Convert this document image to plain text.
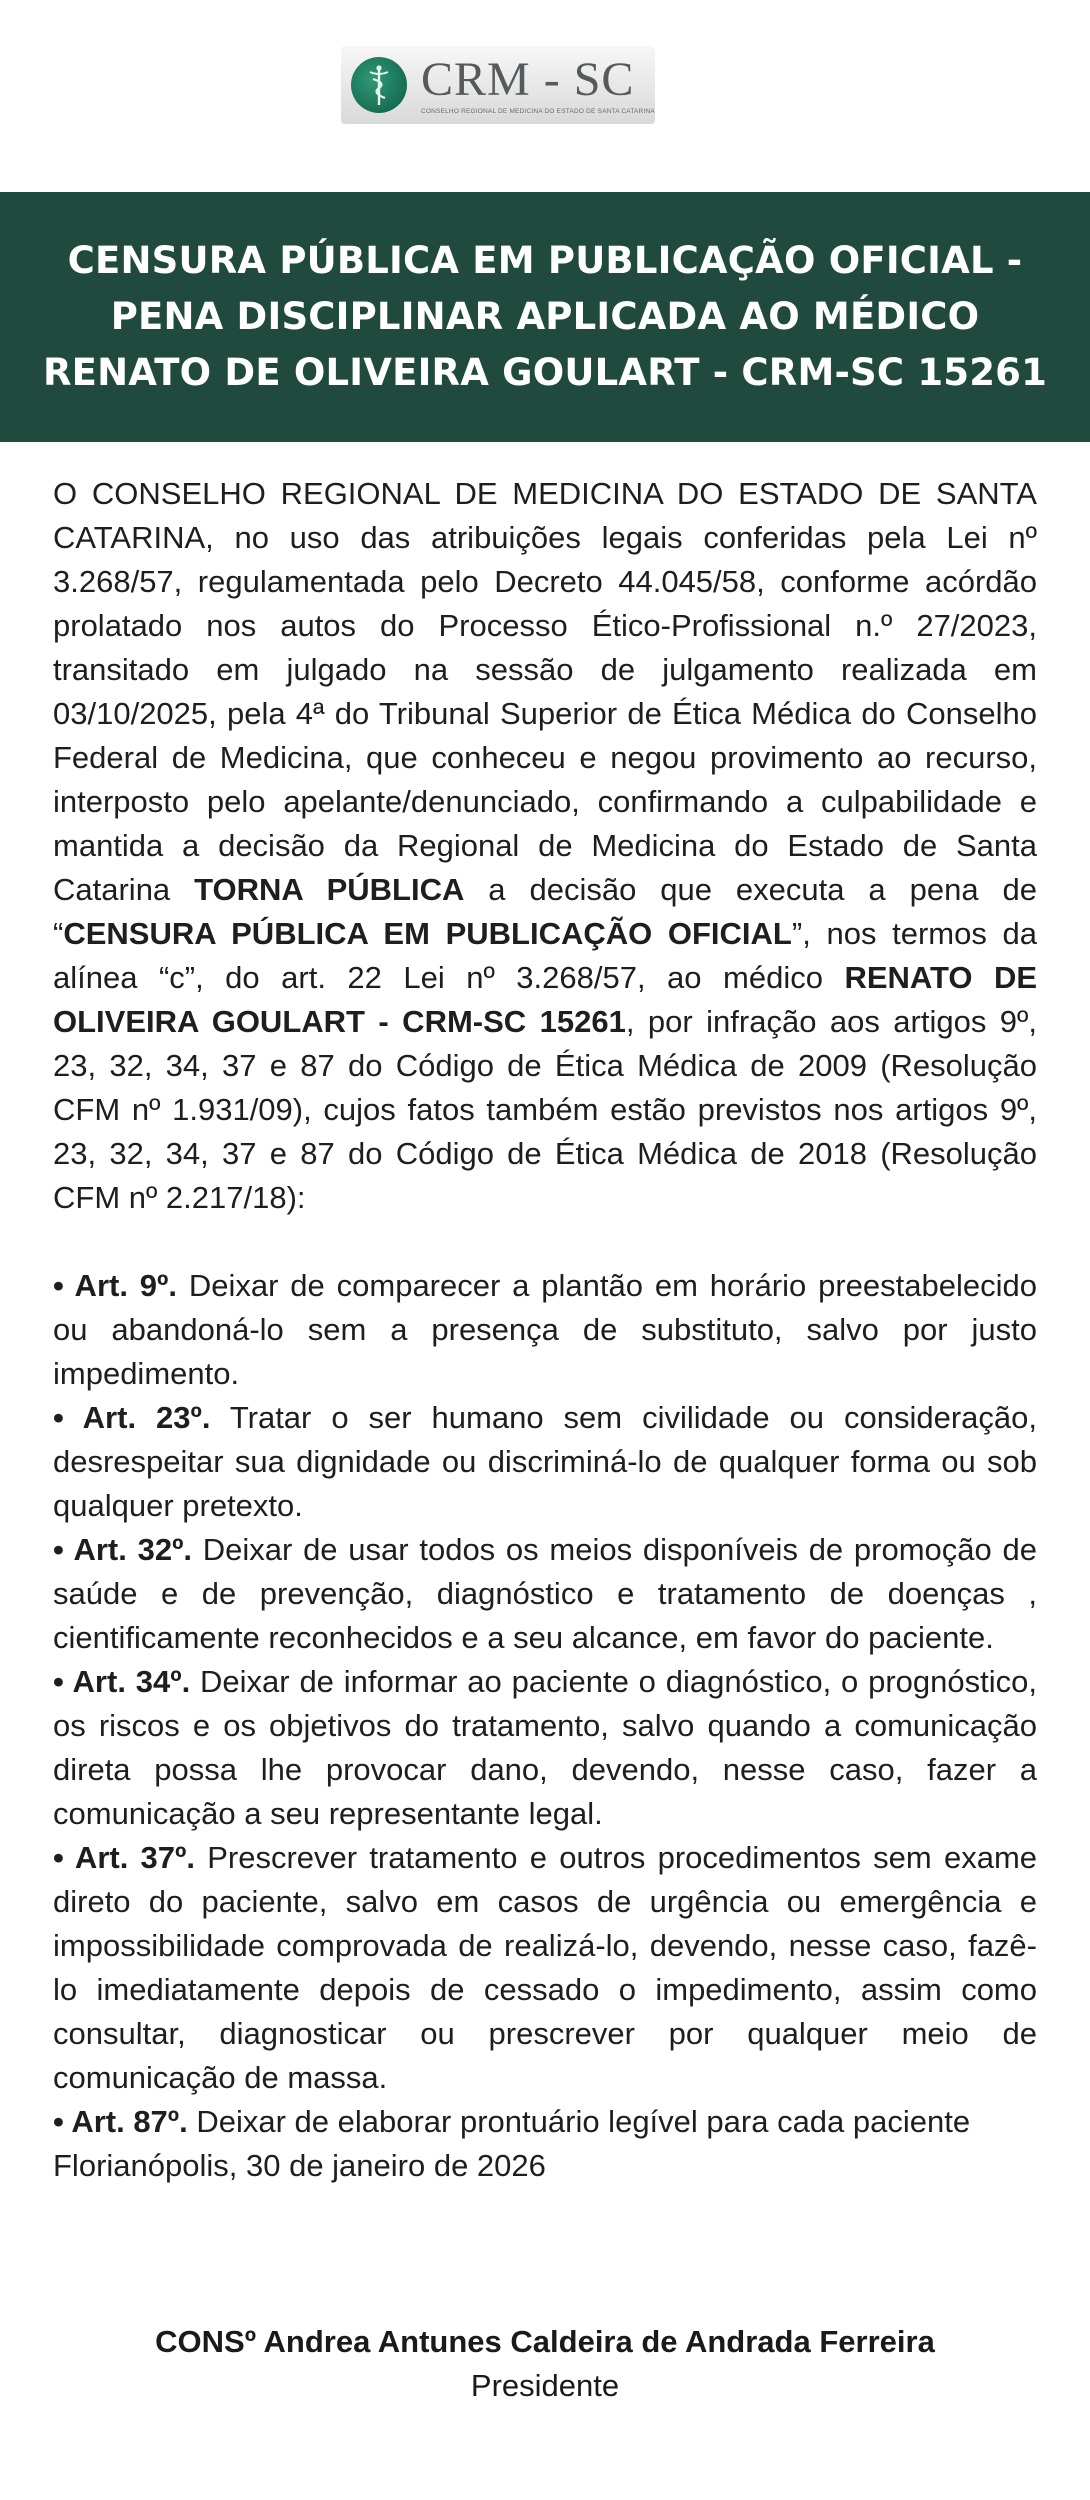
CRM - SC
CONSELHO REGIONAL DE MEDICINA DO ESTADO DE SANTA CATARINA
CENSURA PÚBLICA EM PUBLICAÇÃO OFICIAL - PENA DISCIPLINAR APLICADA AO MÉDICO RENATO DE OLIVEIRA GOULART - CRM-SC 15261

O CONSELHO REGIONAL DE MEDICINA DO ESTADO DE SANTA CATARINA, no uso das atribuições legais conferidas pela Lei nº 3.268/57, regulamentada pelo Decreto 44.045/58, conforme acórdão prolatado nos autos do Processo Ético-Profissional n.º 27/2023, transitado em julgado na sessão de julgamento realizada em 03/10/2025, pela 4ª do Tribunal Superior de Ética Médica do Conselho Federal de Medicina, que conheceu e negou provimento ao recurso, interposto pelo apelante/denunciado, confirmando a culpabilidade e mantida a decisão da Regional de Medicina do Estado de Santa Catarina TORNA PÚBLICA a decisão que executa a pena de “CENSURA PÚBLICA EM PUBLICAÇÃO OFICIAL”, nos termos da alínea “c”, do art. 22 Lei nº 3.268/57, ao médico RENATO DE OLIVEIRA GOULART - CRM-SC 15261, por infração aos artigos 9º, 23, 32, 34, 37 e 87 do Código de Ética Médica de 2009 (Resolução CFM nº 1.931/09), cujos fatos também estão previstos nos artigos 9º, 23, 32, 34, 37 e 87 do Código de Ética Médica de 2018 (Resolução CFM nº 2.217/18):

• Art. 9º. Deixar de comparecer a plantão em horário preestabelecido ou abandoná-lo sem a presença de substituto, salvo por justo impedimento.

• Art. 23º. Tratar o ser humano sem civilidade ou consideração, desrespeitar sua dignidade ou discriminá-lo de qualquer forma ou sob qualquer pretexto.

• Art. 32º. Deixar de usar todos os meios disponíveis de promoção de saúde e de prevenção, diagnóstico e tratamento de doenças , cientificamente reconhecidos e a seu alcance, em favor do paciente.

• Art. 34º. Deixar de informar ao paciente o diagnóstico, o prognóstico, os riscos e os objetivos do tratamento, salvo quando a comunicação direta possa lhe provocar dano, devendo, nesse caso, fazer a comunicação a seu representante legal.

• Art. 37º. Prescrever tratamento e outros procedimentos sem exame direto do paciente, salvo em casos de urgência ou emergência e impossibilidade comprovada de realizá-lo, devendo, nesse caso, fazê-lo imediatamente depois de cessado o impedimento, assim como consultar, diagnosticar ou prescrever por qualquer meio de comunicação de massa.

• Art. 87º. Deixar de elaborar prontuário legível para cada paciente

Florianópolis, 30 de janeiro de 2026

CONSº Andrea Antunes Caldeira de Andrada Ferreira
Presidente
